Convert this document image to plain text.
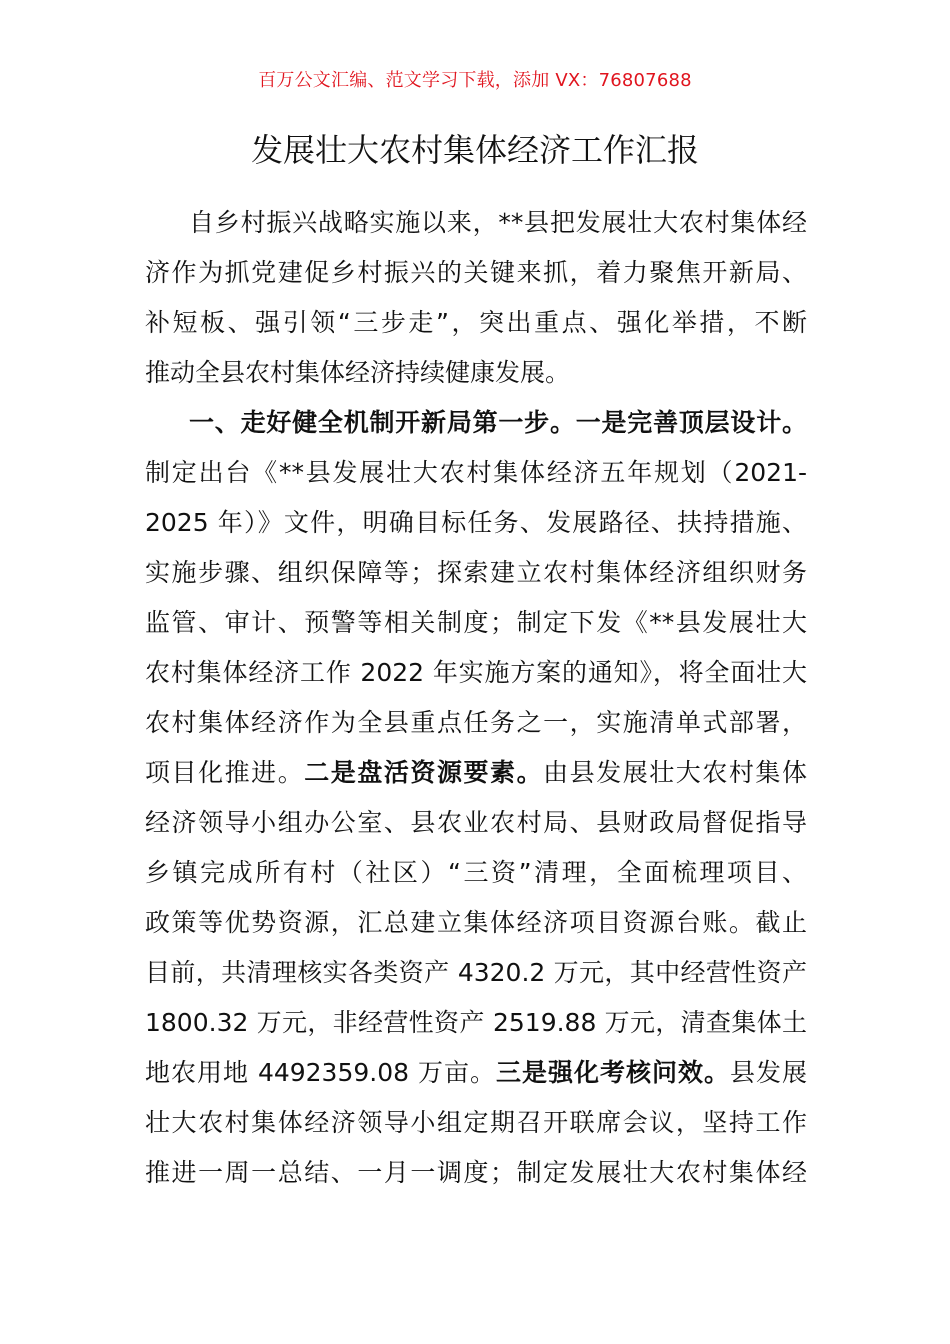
百万公文汇编、范文学习下载，添加 VX：76807688
发展壮大农村集体经济工作汇报
自乡村振兴战略实施以来，**县把发展壮大农村集体经
济作为抓党建促乡村振兴的关键来抓，着力聚焦开新局、
补短板、强引领“三步走”，突出重点、强化举措，不断
推动全县农村集体经济持续健康发展。
一、走好健全机制开新局第一步。一是完善顶层设计。
制定出台《**县发展壮大农村集体经济五年规划（2021-
2025 年）》文件，明确目标任务、发展路径、扶持措施、
实施步骤、组织保障等；探索建立农村集体经济组织财务
监管、审计、预警等相关制度；制定下发《**县发展壮大
农村集体经济工作 2022 年实施方案的通知》，将全面壮大
农村集体经济作为全县重点任务之一，实施清单式部署，
项目化推进。二是盘活资源要素。由县发展壮大农村集体
经济领导小组办公室、县农业农村局、县财政局督促指导
乡镇完成所有村（社区）“三资”清理，全面梳理项目、
政策等优势资源，汇总建立集体经济项目资源台账。截止
目前，共清理核实各类资产 4320.2 万元，其中经营性资产
1800.32 万元，非经营性资产 2519.88 万元，清查集体土
地农用地 4492359.08 万亩。三是强化考核问效。县发展
壮大农村集体经济领导小组定期召开联席会议，坚持工作
推进一周一总结、一月一调度；制定发展壮大农村集体经
